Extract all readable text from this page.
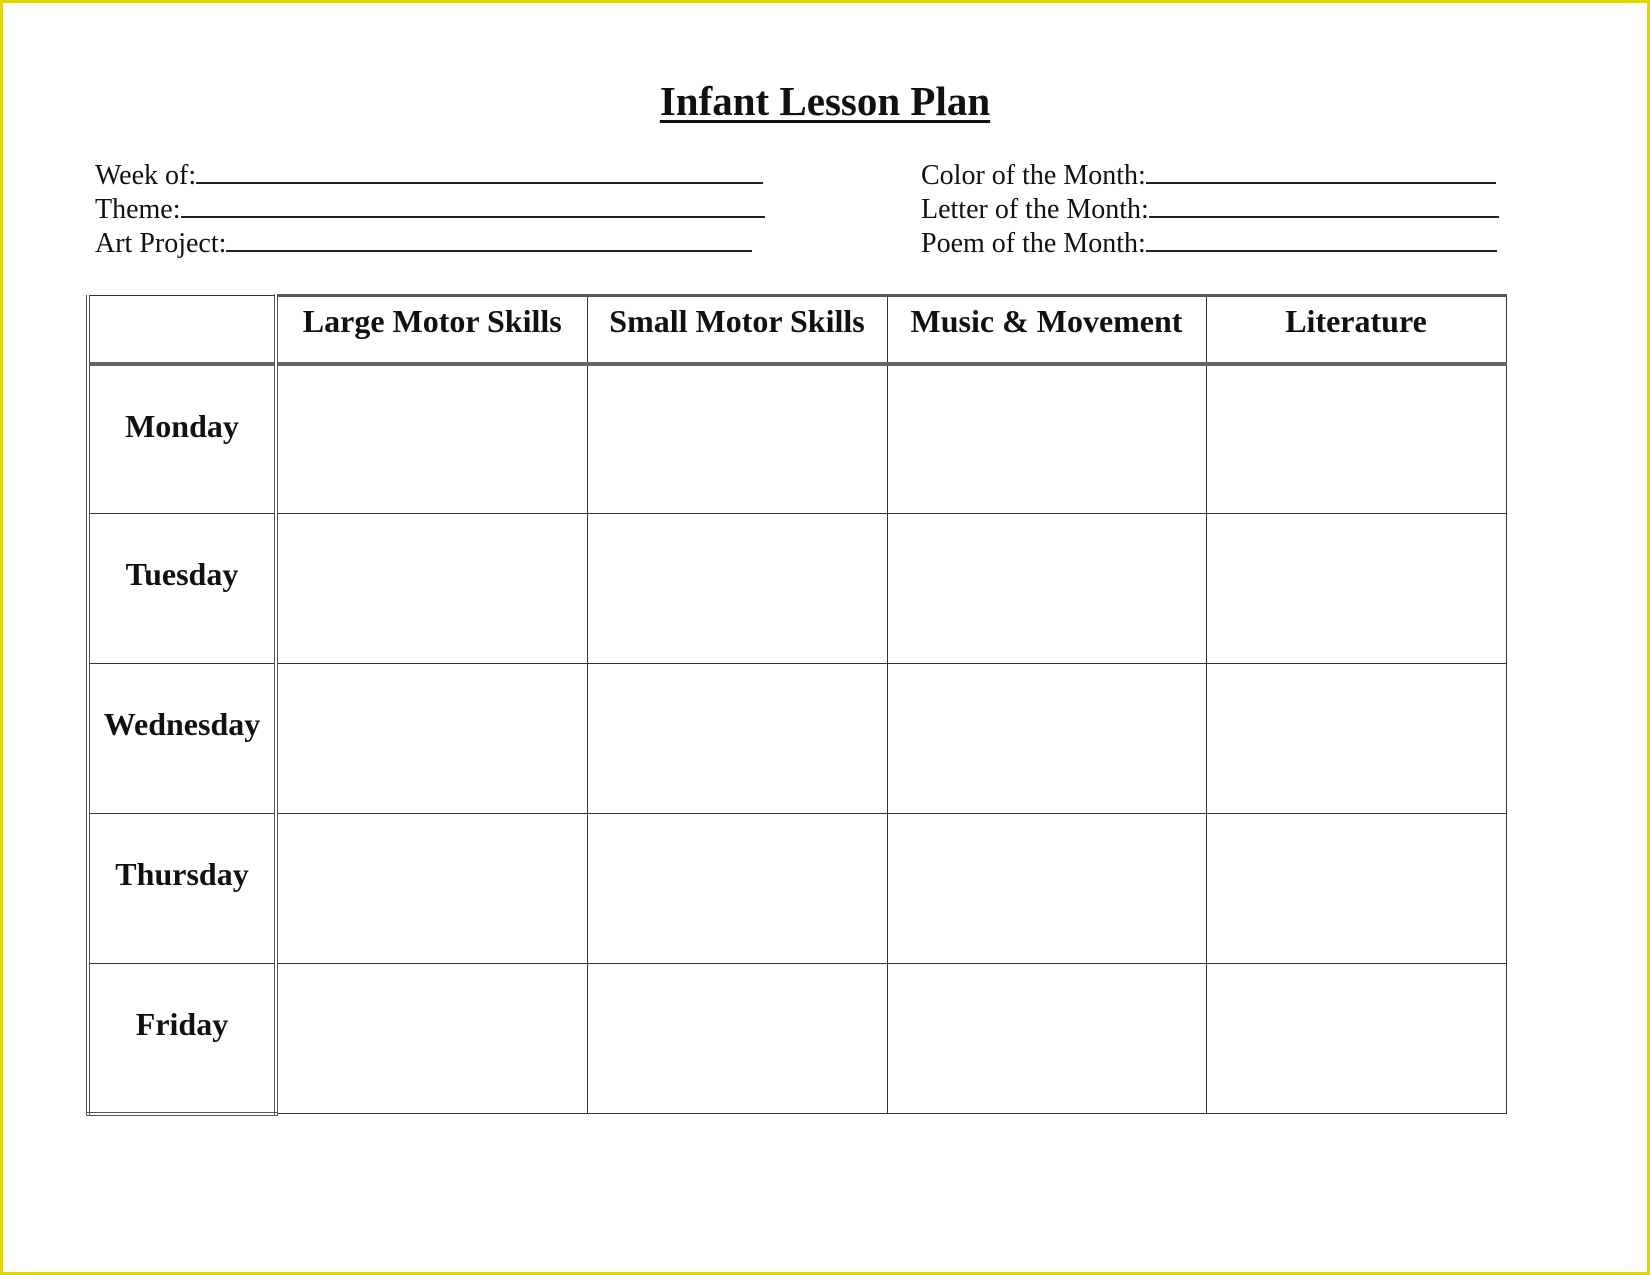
Infant Lesson Plan
Week of:
Theme:
Art Project:
Color of the Month:
Letter of the Month:
Poem of the Month:
	Large Motor Skills	Small Motor Skills	Music & Movement	Literature
Monday				
Tuesday				
Wednesday				
Thursday				
Friday				
